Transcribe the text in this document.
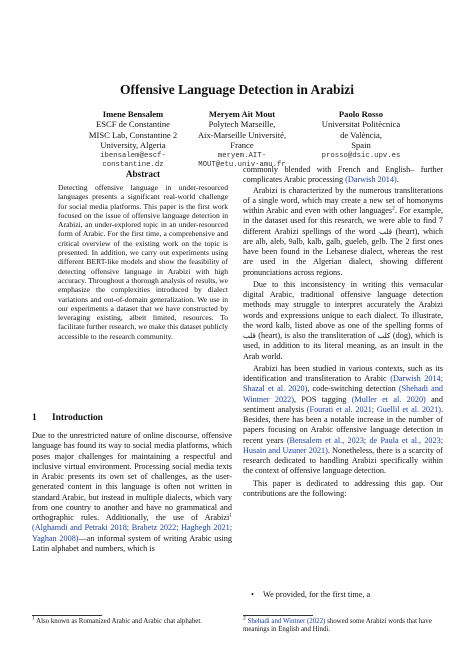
Offensive Language Detection in Arabizi
Imene Bensalem
ESCF de Constantine
MISC Lab, Constantine 2
University, Algeria
ibensalem@escf-
constantine.dz
Meryem Ait Mout
Polytech Marseille,
Aix-Marseille Université,
France
meryem.AIT-
MOUT@etu.univ-amu.fr
Paolo Rosso
Universitat Politècnica
de València,
Spain
prosso@dsic.upv.es
Abstract
Detecting offensive language in under-resourced languages presents a significant real-world challenge for social media platforms. This paper is the first work focused on the issue of offensive language detection in Arabizi, an under-explored topic in an under-resourced form of Arabic. For the first time, a comprehensive and critical overview of the existing work on the topic is presented. In addition, we carry out experiments using different BERT-like models and show the feasibility of detecting offensive language in Arabizi with high accuracy. Throughout a thorough analysis of results, we emphasize the complexities introduced by dialect variations and out-of-domain generalization. We use in our experiments a dataset that we have constructed by leveraging existing, albeit limited, resources. To facilitate further research, we make this dataset publicly accessible to the research community.
1 Introduction

Due to the unrestricted nature of online discourse, offensive language has found its way to social media platforms, which poses major challenges for maintaining a respectful and inclusive virtual environment. Processing social media texts in Arabic presents its own set of challenges, as the user-generated content in this language is often not written in standard Arabic, but instead in multiple dialects, which vary from one country to another and have no grammatical and orthographic rules. Additionally, the use of Arabizi$^1$ (Alghamdi and Petraki 2018; Brabetz 2022; Haghegh 2021; Yaghan 2008)—an informal system of writing Arabic using Latin alphabet and numbers, which is

$^1$ Also known as Romanized Arabic and Arabic chat alphabet.

commonly blended with French and English– further complicates Arabic processing (Darwish 2014).

Arabizi is characterized by the numerous transliterations of a single word, which may create a new set of homonyms within Arabic and even with other languages$^2$. For example, in the dataset used for this research, we were able to find 7 different Arabizi spellings of the word قلب (heart), which are alb, aleb, 9alb, kalb, galb, gueleb, gelb. The 2 first ones have been found in the Lebanese dialect, whereas the rest are used in the Algerian dialect, showing different pronunciations across regions.

Due to this inconsistency in writing this vernacular digital Arabic, traditional offensive language detection methods may struggle to interpret accurately the Arabizi words and expressions unique to each dialect. To illustrate, the word kalb, listed above as one of the spelling forms of قلب (heart), is also the transliteration of كلب (dog), which is used, in addition to its literal meaning, as an insult in the Arab world.

Arabizi has been studied in various contexts, such as its identification and transliteration to Arabic (Darwish 2014; Shazal et al. 2020), code-switching detection (Shehadi and Wintner 2022), POS tagging (Muller et al. 2020) and sentiment analysis (Fourati et al. 2021; Guellil et al. 2021). Besides, there has been a notable increase in the number of papers focusing on Arabic offensive language detection in recent years (Bensalem et al., 2023; de Paula et al., 2023; Husain and Uzuner 2021). Nonetheless, there is a scarcity of research dedicated to handling Arabizi specifically within the context of offensive language detection.

This paper is dedicated to addressing this gap. Our contributions are the following:

• We provided, for the first time, a
$^2$ Shehadi and Wintner (2022) showed some Arabizi words that have meanings in English and Hindi.
